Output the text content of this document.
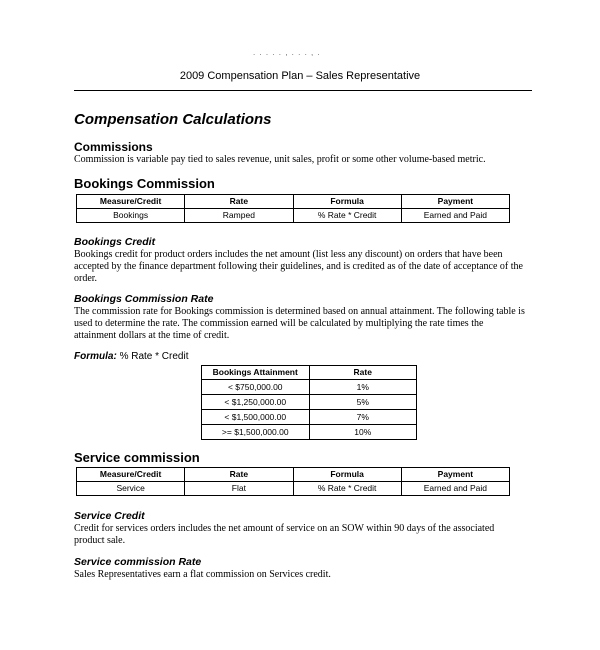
. . . . . , . . . , .
2009 Compensation Plan – Sales Representative
Compensation Calculations
Commissions

Commission is variable pay tied to sales revenue, unit sales, profit or some other volume-based metric.

Bookings Commission
Measure/Credit	Rate	Formula	Payment
Bookings	Ramped	% Rate * Credit	Earned and Paid
Bookings Credit

Bookings credit for product orders includes the net amount (list less any discount) on orders that have been accepted by the finance department following their guidelines, and is credited as of the date of acceptance of the order.

Bookings Commission Rate

The commission rate for Bookings commission is determined based on annual attainment. The following table is used to determine the rate. The commission earned will be calculated by multiplying the rate times the attainment dollars at the time of credit.

Formula: % Rate * Credit

Bookings Attainment	Rate
< $750,000.00	1%
< $1,250,000.00	5%
< $1,500,000.00	7%
>= $1,500,000.00	10%
Service commission
Measure/Credit	Rate	Formula	Payment
Service	Flat	% Rate * Credit	Earned and Paid
Service Credit

Credit for services orders includes the net amount of service on an SOW within 90 days of the associated product sale.

Service commission Rate

Sales Representatives earn a flat commission on Services credit.
